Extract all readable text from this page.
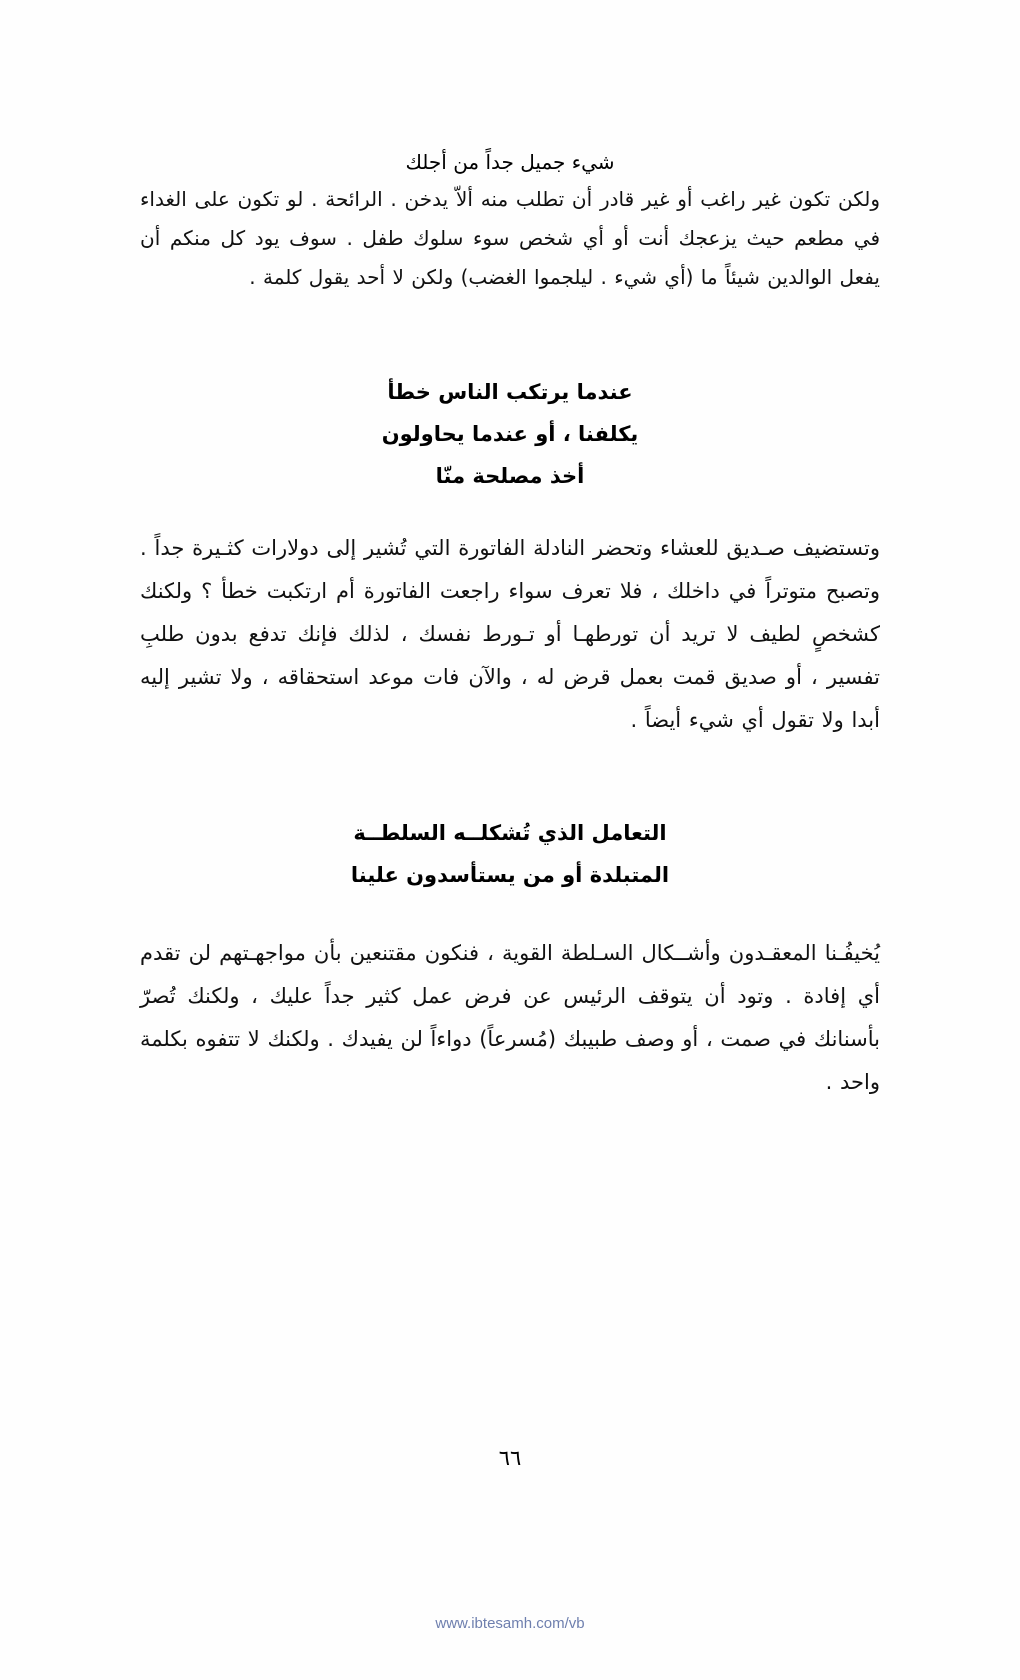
شيء جميل جداً من أجلك

ولكن تكون غير راغب أو غير قادر أن تطلب منه ألاّ يدخن . الرائحة . لو تكون على الغداء في مطعم حيث يزعجك أنت أو أي شخص سوء سلوك طفل . سوف يود كل منكم أن يفعل الوالدين شيئاً ما (أي شيء . ليلجموا الغضب) ولكن لا أحد يقول كلمة .

عندما يرتكب الناس خطأ
يكلفنا ، أو عندما يحاولون
أخذ مصلحة منّا

وتستضيف صـديق للعشاء وتحضر النادلة الفاتورة التي تُشير إلى دولارات كثـيرة جداً . وتصبح متوتراً في داخلك ، فلا تعرف سواء راجعت الفاتورة أم ارتكبت خطأ ؟ ولكنك كشخصٍ لطيف لا تريد أن تورطهـا أو تـورط نفسك ، لذلك فإنك تدفع بدون طلبِ تفسير ، أو صديق قمت بعمل قرض له ، والآن فات موعد استحقاقه ، ولا تشير إليه أبدا ولا تقول أي شيء أيضاً .

التعامل الذي تُشكلــه السلطــة
المتبلدة أو من يستأسدون علينا

يُخيفُـنا المعقـدون وأشــكال السـلطة القوية ، فنكون مقتنعين بأن مواجهـتهم لن تقدم أي إفادة . وتود أن يتوقف الرئيس عن فرض عمل كثير جداً عليك ، ولكنك تُصرّ بأسنانك في صمت ، أو وصف طبيبك (مُسرعاً) دواءاً لن يفيدك . ولكنك لا تتفوه بكلمة واحد .

٦٦
www.ibtesamh.com/vb
